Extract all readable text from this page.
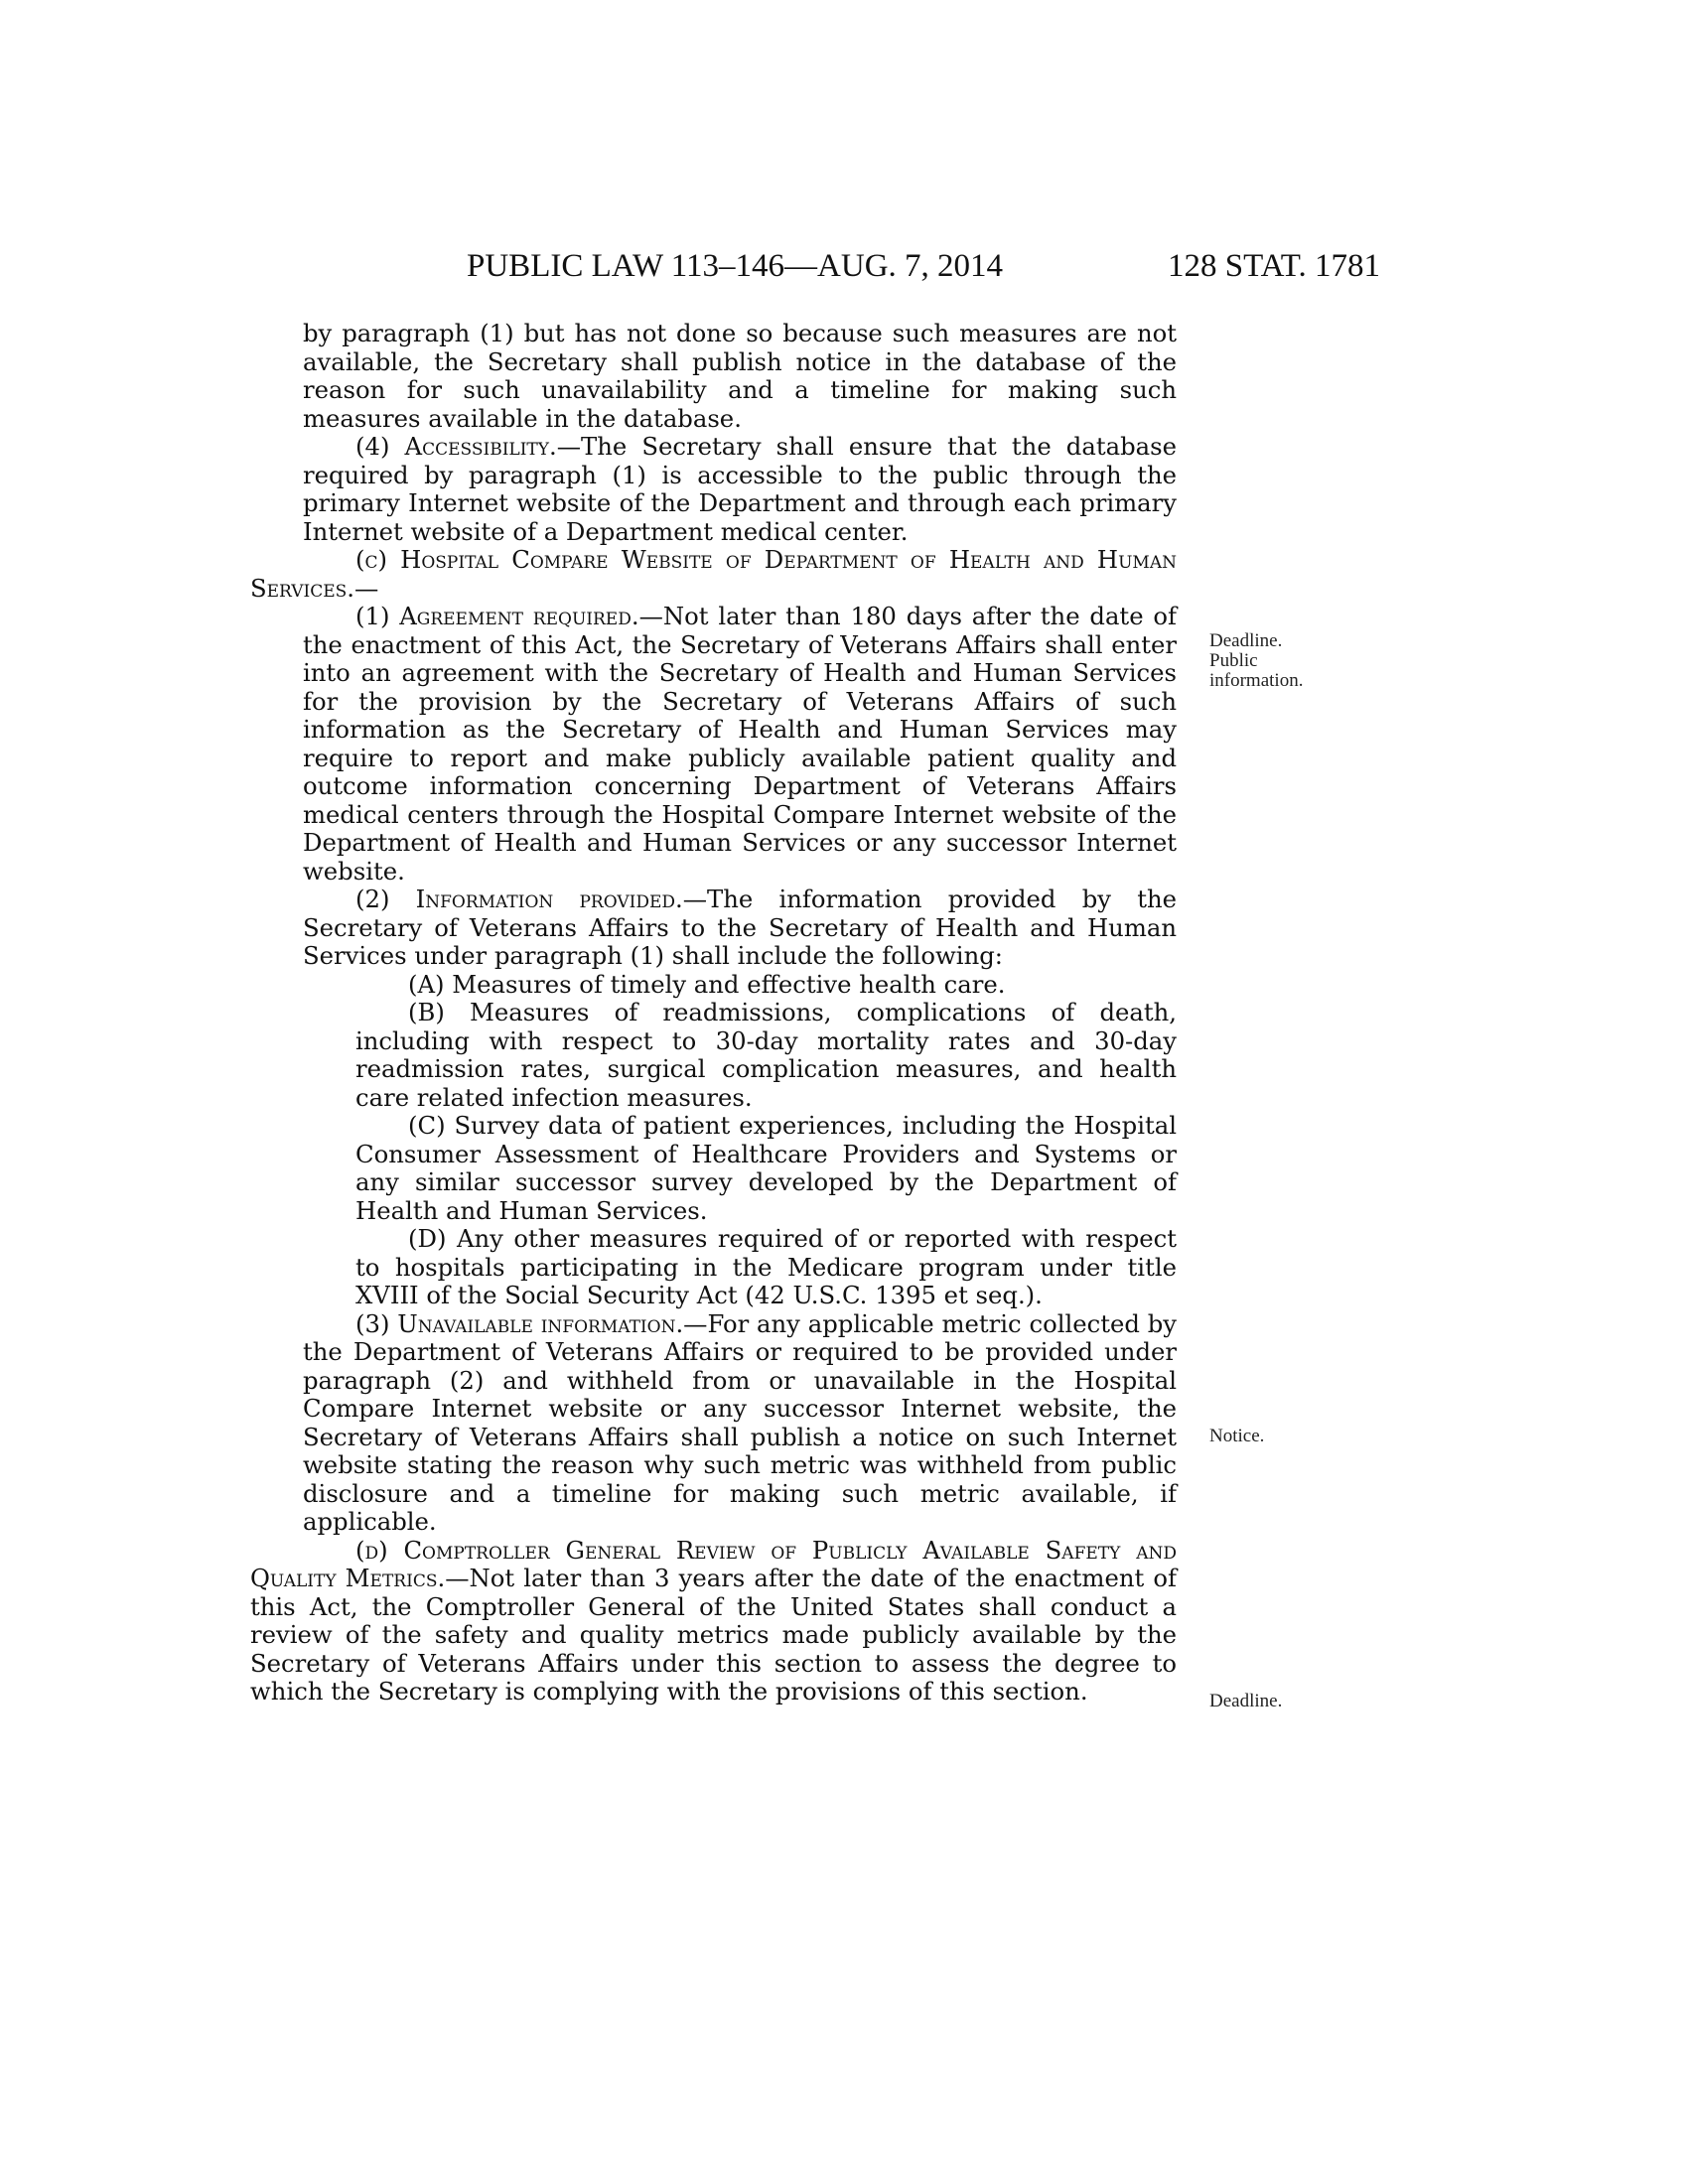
PUBLIC LAW 113–146—AUG. 7, 2014	128 STAT. 1781

by paragraph (1) but has not done so because such measures are not available, the Secretary shall publish notice in the database of the reason for such unavailability and a timeline for making such measures available in the database.

(4) Accessibility.—The Secretary shall ensure that the database required by paragraph (1) is accessible to the public through the primary Internet website of the Department and through each primary Internet website of a Department medical center.

(c) Hospital Compare Website of Department of Health and Human Services.—

(1) Agreement required.—Not later than 180 days after the date of the enactment of this Act, the Secretary of Veterans Affairs shall enter into an agreement with the Secretary of Health and Human Services for the provision by the Secretary of Veterans Affairs of such information as the Secretary of Health and Human Services may require to report and make publicly available patient quality and outcome information concerning Department of Veterans Affairs medical centers through the Hospital Compare Internet website of the Department of Health and Human Services or any successor Internet website.

(2) Information provided.—The information provided by the Secretary of Veterans Affairs to the Secretary of Health and Human Services under paragraph (1) shall include the following:

(A) Measures of timely and effective health care.

(B) Measures of readmissions, complications of death, including with respect to 30-day mortality rates and 30-day readmission rates, surgical complication measures, and health care related infection measures.

(C) Survey data of patient experiences, including the Hospital Consumer Assessment of Healthcare Providers and Systems or any similar successor survey developed by the Department of Health and Human Services.

(D) Any other measures required of or reported with respect to hospitals participating in the Medicare program under title XVIII of the Social Security Act (42 U.S.C. 1395 et seq.).

(3) Unavailable information.—For any applicable metric collected by the Department of Veterans Affairs or required to be provided under paragraph (2) and withheld from or unavailable in the Hospital Compare Internet website or any successor Internet website, the Secretary of Veterans Affairs shall publish a notice on such Internet website stating the reason why such metric was withheld from public disclosure and a timeline for making such metric available, if applicable.

(d) Comptroller General Review of Publicly Available Safety and Quality Metrics.—Not later than 3 years after the date of the enactment of this Act, the Comptroller General of the United States shall conduct a review of the safety and quality metrics made publicly available by the Secretary of Veterans Affairs under this section to assess the degree to which the Secretary is complying with the provisions of this section.

Deadline.
Public
information.
Notice.
Deadline.
